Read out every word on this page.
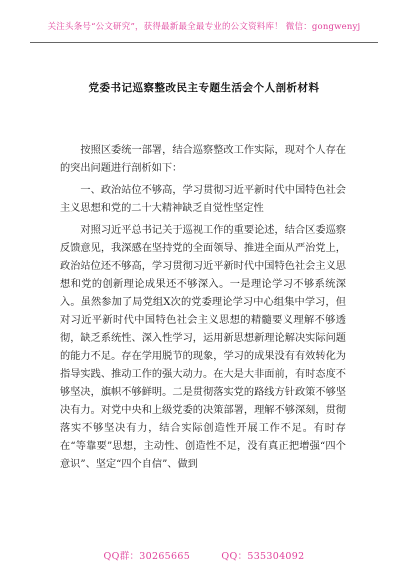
关注头条号“公文研究”，获得最新最全最专业的公文资料库！ 微信：gongwenyj
党委书记巡察整改民主专题生活会个人剖析材料

按照区委统一部署，结合巡察整改工作实际，现对个人存在的突出问题进行剖析如下：

一、政治站位不够高，学习贯彻习近平新时代中国特色社会主义思想和党的二十大精神缺乏自觉性坚定性

对照习近平总书记关于巡视工作的重要论述，结合区委巡察反馈意见，我深感在坚持党的全面领导、推进全面从严治党上，政治站位还不够高，学习贯彻习近平新时代中国特色社会主义思想和党的创新理论成果还不够深入。一是理论学习不够系统深入。虽然参加了局党组X次的党委理论学习中心组集中学习，但对习近平新时代中国特色社会主义思想的精髓要义理解不够透彻，缺乏系统性、深入性学习，运用新思想新理论解决实际问题的能力不足。存在学用脱节的现象，学习的成果没有有效转化为指导实践、推动工作的强大动力。在大是大非面前，有时态度不够坚决，旗帜不够鲜明。二是贯彻落实党的路线方针政策不够坚决有力。对党中央和上级党委的决策部署，理解不够深刻，贯彻落实不够坚决有力，结合实际创造性开展工作不足。有时存在“等靠要”思想，主动性、创造性不足，没有真正把增强“四个意识”、坚定“四个自信”、做到

QQ群：30265665	QQ：535304092
